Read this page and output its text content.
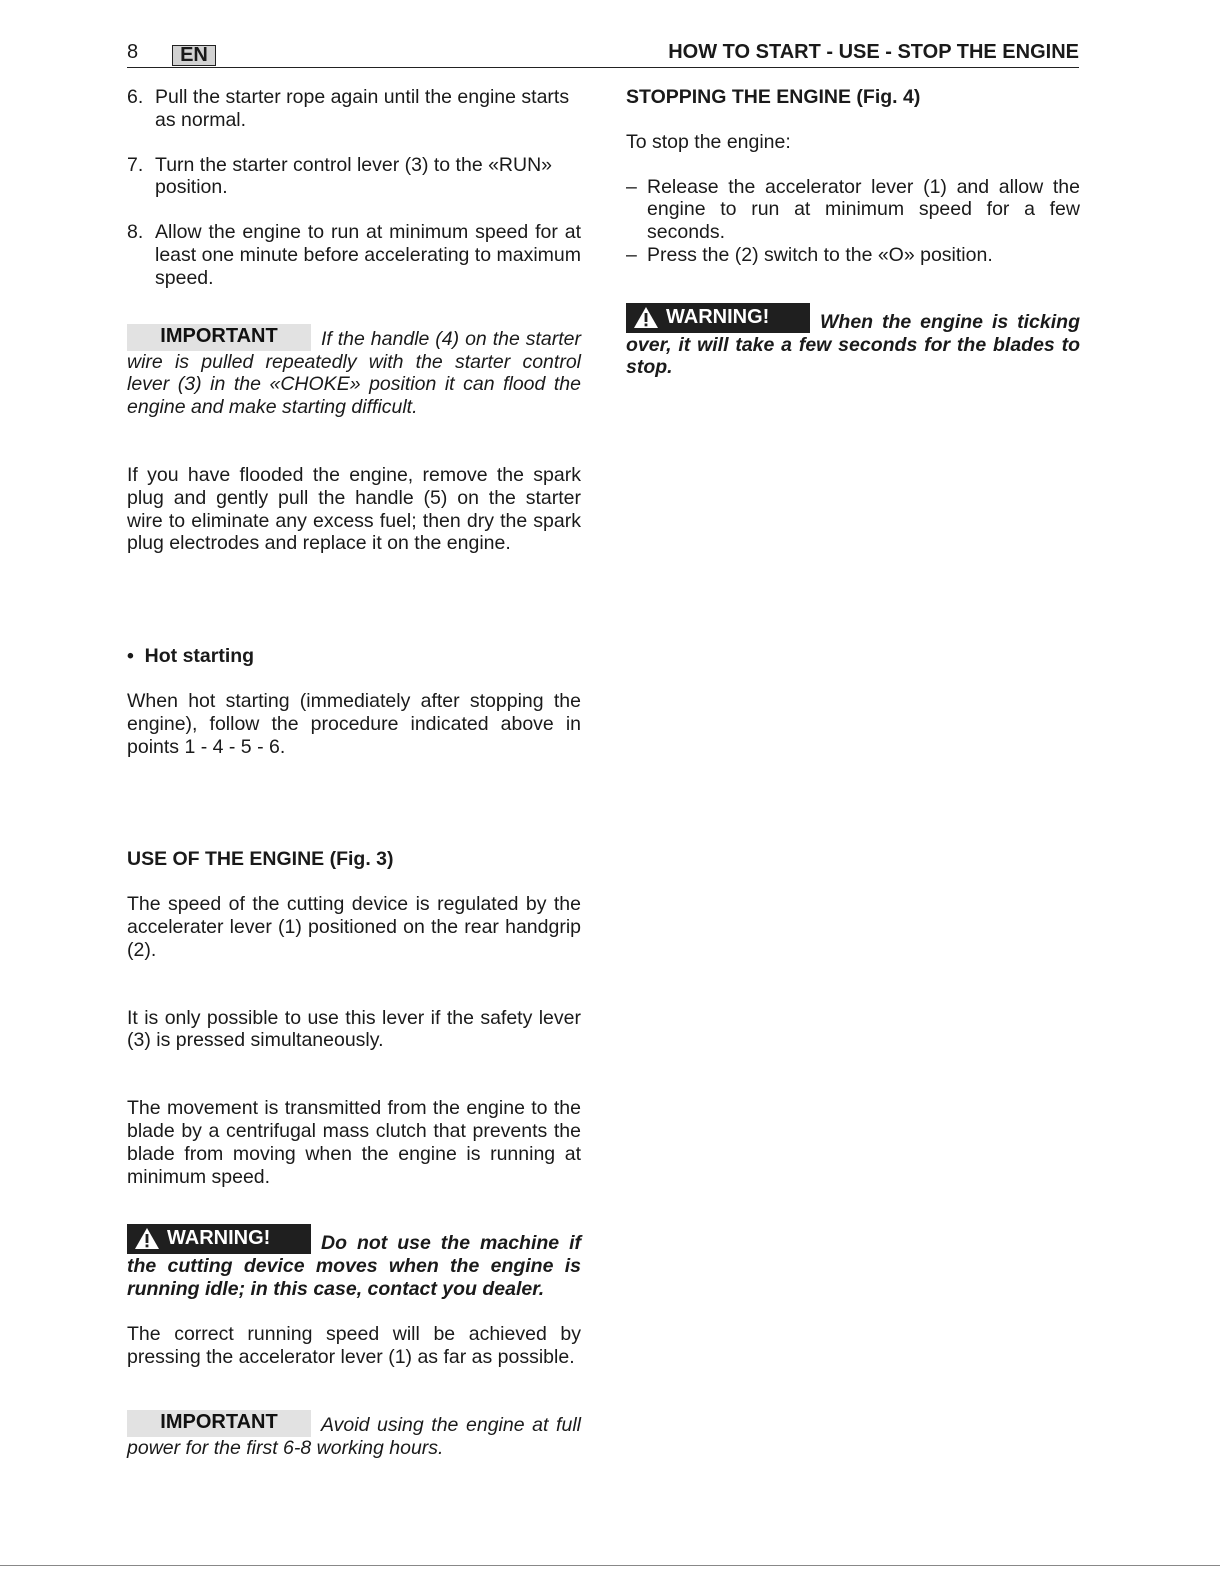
8	EN	HOW TO START - USE - STOP THE ENGINE
6. Pull the starter rope again until the engine starts as normal.
7. Turn the starter control lever (3) to the «RUN» position.
8. Allow the engine to run at minimum speed for at least one minute before accelerating to maximum speed.

IMPORTANT If the handle (4) on the starter wire is pulled repeatedly with the starter control lever (3) in the «CHOKE» position it can flood the engine and make starting difficult.

If you have flooded the engine, remove the spark plug and gently pull the handle (5) on the starter wire to eliminate any excess fuel; then dry the spark plug electrodes and replace it on the engine.

• Hot starting

When hot starting (immediately after stopping the engine), follow the procedure indicated above in points 1 - 4 - 5 - 6.

USE OF THE ENGINE (Fig. 3)

The speed of the cutting device is regulated by the accelerater lever (1) positioned on the rear handgrip (2).

It is only possible to use this lever if the safety lever (3) is pressed simultaneously.

The movement is transmitted from the engine to the blade by a centrifugal mass clutch that prevents the blade from moving when the engine is running at minimum speed.

WARNING!	Do not use the machine if the cutting device moves when the engine is running idle; in this case, contact you dealer.

The correct running speed will be achieved by pressing the accelerator lever (1) as far as possible.

IMPORTANT Avoid using the engine at full power for the first 6-8 working hours.

STOPPING THE ENGINE (Fig. 4)

To stop the engine:

– Release the accelerator lever (1) and allow the engine to run at minimum speed for a few seconds.
– Press the (2) switch to the «O» position.

WARNING!	When the engine is ticking over, it will take a few seconds for the blades to stop.
